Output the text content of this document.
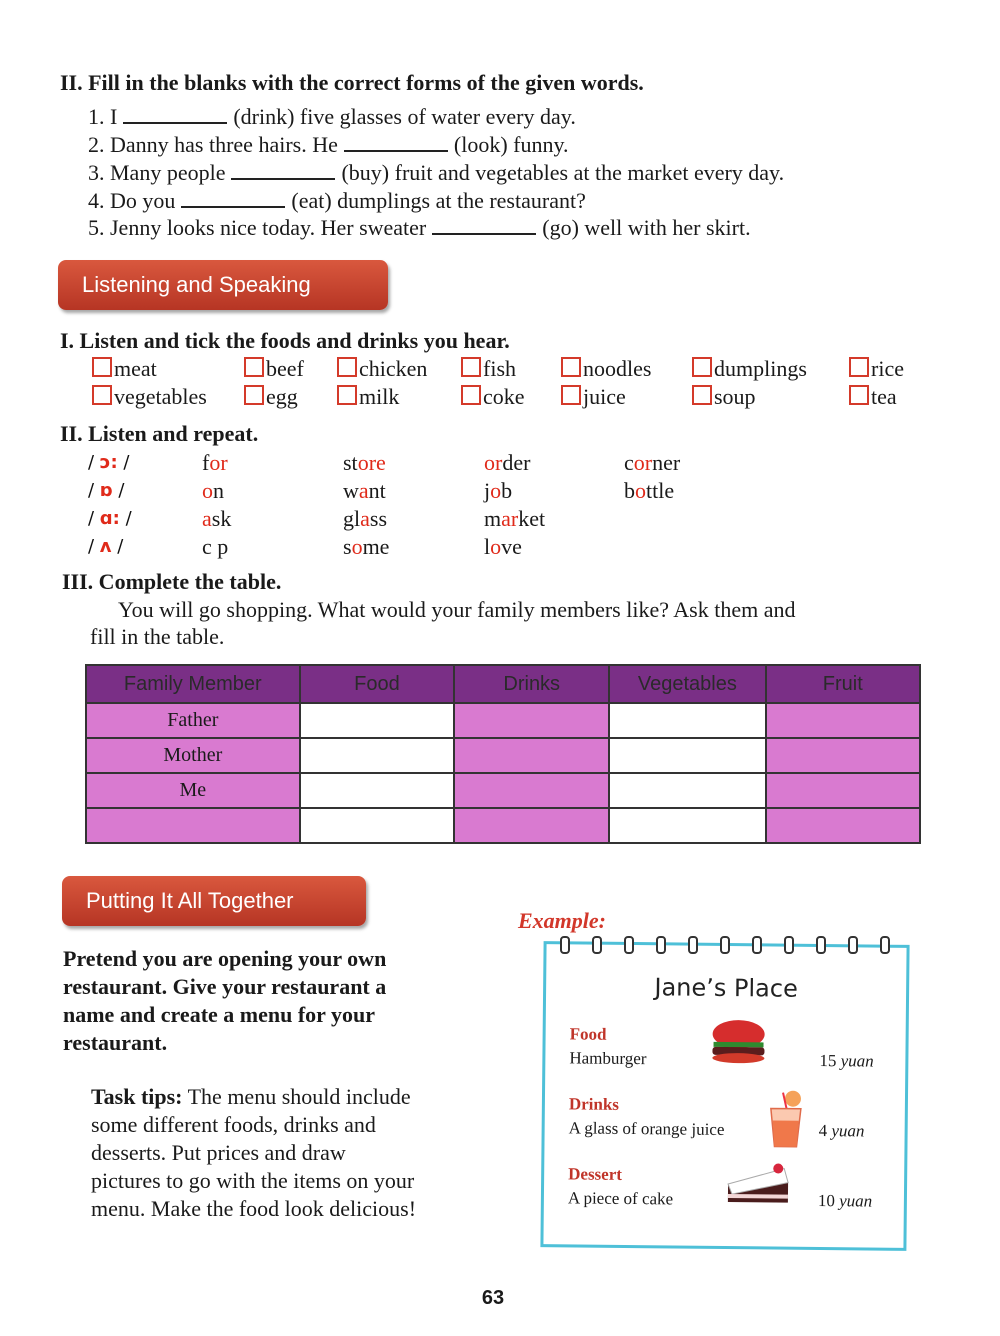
II. Fill in the blanks with the correct forms of the given words.
1. I	(drink) five glasses of water every day.
2. Danny has three hairs. He	(look) funny.
3. Many people	(buy) fruit and vegetables at the market every day.
4. Do you	(eat) dumplings at the restaurant?
5. Jenny looks nice today. Her sweater	(go) well with her skirt.
Listening and Speaking
I. Listen and tick the foods and drinks you hear.
meat	beef	chicken	fish	noodles	dumplings	rice
vegetables	egg	milk	coke	juice	soup	tea
II. Listen and repeat.
/ ɔ: /	for	store	order	corner
/ ɒ /	on	want	job	bottle
/ ɑ: /	ask	glass	market
/ ʌ /	c p	some	love
III. Complete the table.
You will go shopping. What would your family members like? Ask them and
fill in the table.
Family Member	Food	Drinks	Vegetables	Fruit
Father				
Mother				
Me				

Putting It All Together
Pretend you are opening your own
restaurant. Give your restaurant a
name and create a menu for your
restaurant.
Task tips: The menu should include
some different foods, drinks and
desserts. Put prices and draw
pictures to go with the items on your
menu. Make the food look delicious!
Example:
Jane’s Place
Food
Hamburger	15 yuan
Drinks
A glass of orange juice	4 yuan
Dessert
A piece of cake	10 yuan
63
